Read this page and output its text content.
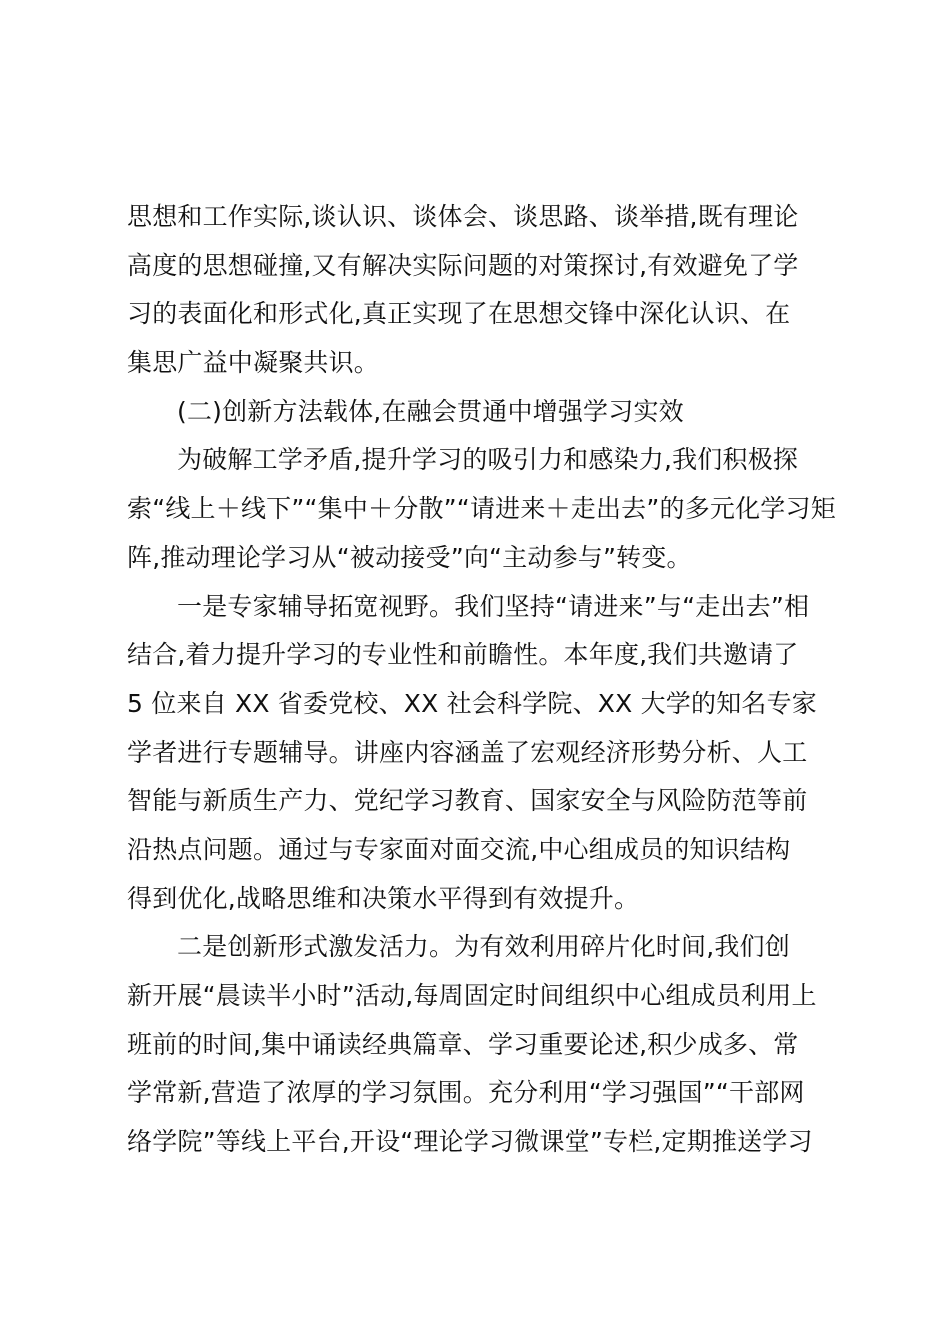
思想和工作实际,谈认识、谈体会、谈思路、谈举措,既有理论
高度的思想碰撞,又有解决实际问题的对策探讨,有效避免了学
习的表面化和形式化,真正实现了在思想交锋中深化认识、在
集思广益中凝聚共识。
(二)创新方法载体,在融会贯通中增强学习实效
为破解工学矛盾,提升学习的吸引力和感染力,我们积极探
索“线上＋线下”“集中＋分散”“请进来＋走出去”的多元化学习矩
阵,推动理论学习从“被动接受”向“主动参与”转变。
一是专家辅导拓宽视野。我们坚持“请进来”与“走出去”相
结合,着力提升学习的专业性和前瞻性。本年度,我们共邀请了
5 位来自 XX 省委党校、XX 社会科学院、XX 大学的知名专家
学者进行专题辅导。讲座内容涵盖了宏观经济形势分析、人工
智能与新质生产力、党纪学习教育、国家安全与风险防范等前
沿热点问题。通过与专家面对面交流,中心组成员的知识结构
得到优化,战略思维和决策水平得到有效提升。
二是创新形式激发活力。为有效利用碎片化时间,我们创
新开展“晨读半小时”活动,每周固定时间组织中心组成员利用上
班前的时间,集中诵读经典篇章、学习重要论述,积少成多、常
学常新,营造了浓厚的学习氛围。充分利用“学习强国”“干部网
络学院”等线上平台,开设“理论学习微课堂”专栏,定期推送学习
